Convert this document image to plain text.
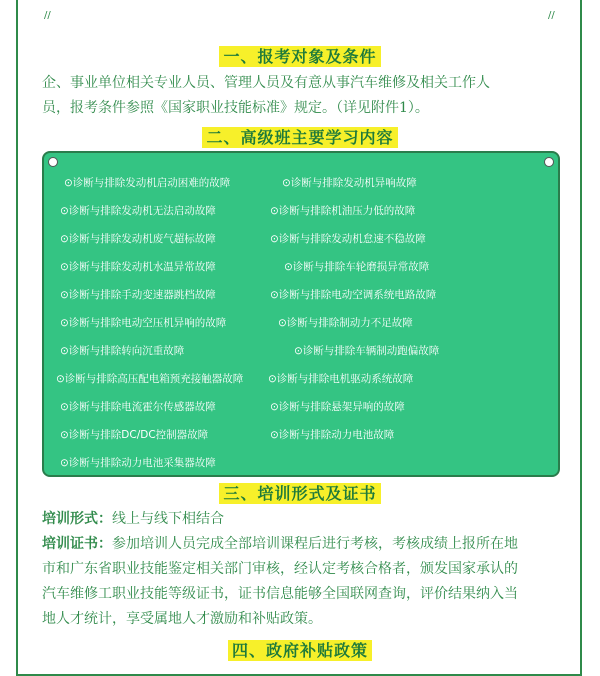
//	//
一、报考对象及条件
企、事业单位相关专业人员、管理人员及有意从事汽车维修及相关工作人
员，报考条件参照《国家职业技能标准》规定。（详见附件1）。
二、高级班主要学习内容
⊙诊断与排除发动机启动困难的故障	⊙诊断与排除发动机异响故障
⊙诊断与排除发动机无法启动故障	⊙诊断与排除机油压力低的故障
⊙诊断与排除发动机废气超标故障	⊙诊断与排除发动机怠速不稳故障
⊙诊断与排除发动机水温异常故障	⊙诊断与排除车轮磨损异常故障
⊙诊断与排除手动变速器跳档故障	⊙诊断与排除电动空调系统电路故障
⊙诊断与排除电动空压机异响的故障	⊙诊断与排除制动力不足故障
⊙诊断与排除转向沉重故障	⊙诊断与排除车辆制动跑偏故障
⊙诊断与排除高压配电箱预充接触器故障 ⊙诊断与排除电机驱动系统故障
⊙诊断与排除电流霍尔传感器故障	⊙诊断与排除悬架异响的故障
⊙诊断与排除DC/DC控制器故障	⊙诊断与排除动力电池故障
⊙诊断与排除动力电池采集器故障
三、培训形式及证书
培训形式：线上与线下相结合
培训证书：参加培训人员完成全部培训课程后进行考核，考核成绩上报所在地
市和广东省职业技能鉴定相关部门审核，经认定考核合格者，颁发国家承认的
汽车维修工职业技能等级证书，证书信息能够全国联网查询，评价结果纳入当
地人才统计，享受属地人才激励和补贴政策。
四、政府补贴政策
